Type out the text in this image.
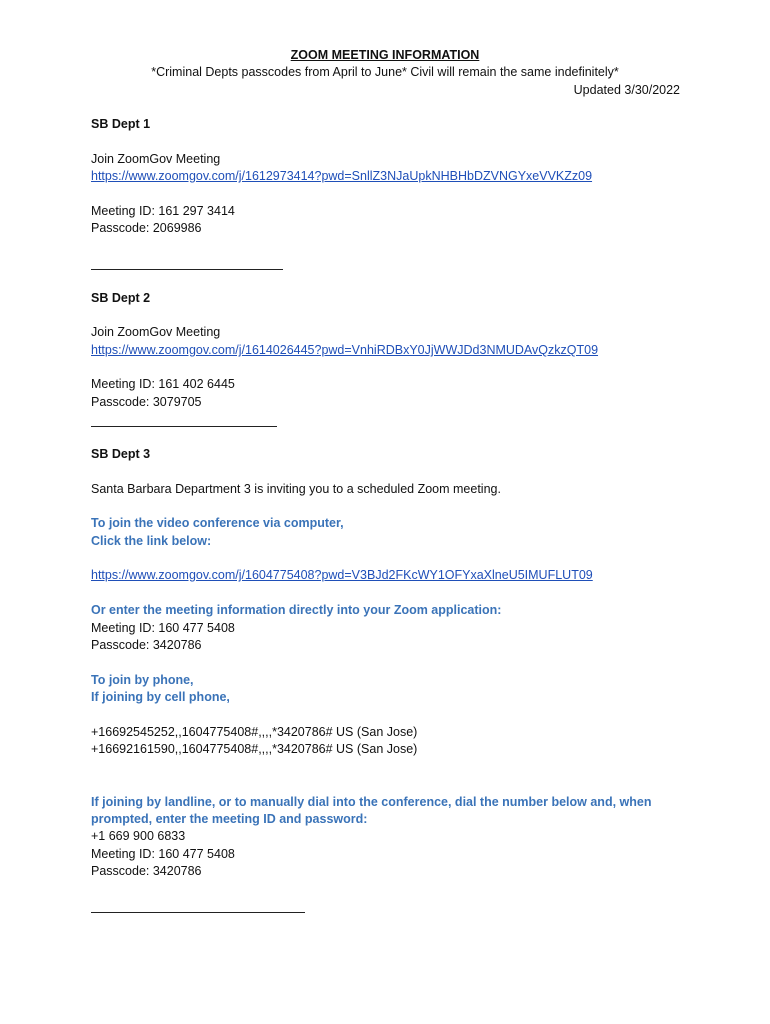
ZOOM MEETING INFORMATION
*Criminal Depts passcodes from April to June* Civil will remain the same indefinitely*
Updated 3/30/2022
SB Dept 1
Join ZoomGov Meeting
https://www.zoomgov.com/j/1612973414?pwd=SnllZ3NJaUpkNHBHbDZVNGYxeVVKZz09
Meeting ID: 161 297 3414
Passcode: 2069986
SB Dept 2
Join ZoomGov Meeting
https://www.zoomgov.com/j/1614026445?pwd=VnhiRDBxY0JjWWJDd3NMUDAvQzkzQT09
Meeting ID: 161 402 6445
Passcode: 3079705
SB Dept 3
Santa Barbara Department 3 is inviting you to a scheduled Zoom meeting.
To join the video conference via computer,
Click the link below:
https://www.zoomgov.com/j/1604775408?pwd=V3BJd2FKcWY1OFYxaXlneU5IMUFLUT09
Or enter the meeting information directly into your Zoom application:
Meeting ID: 160 477 5408
Passcode: 3420786
To join by phone,
If joining by cell phone,
+16692545252,,1604775408#,,,,*3420786# US (San Jose)
+16692161590,,1604775408#,,,,*3420786# US (San Jose)
If joining by landline, or to manually dial into the conference, dial the number below and, when
prompted, enter the meeting ID and password:
+1 669 900 6833
Meeting ID: 160 477 5408
Passcode: 3420786
